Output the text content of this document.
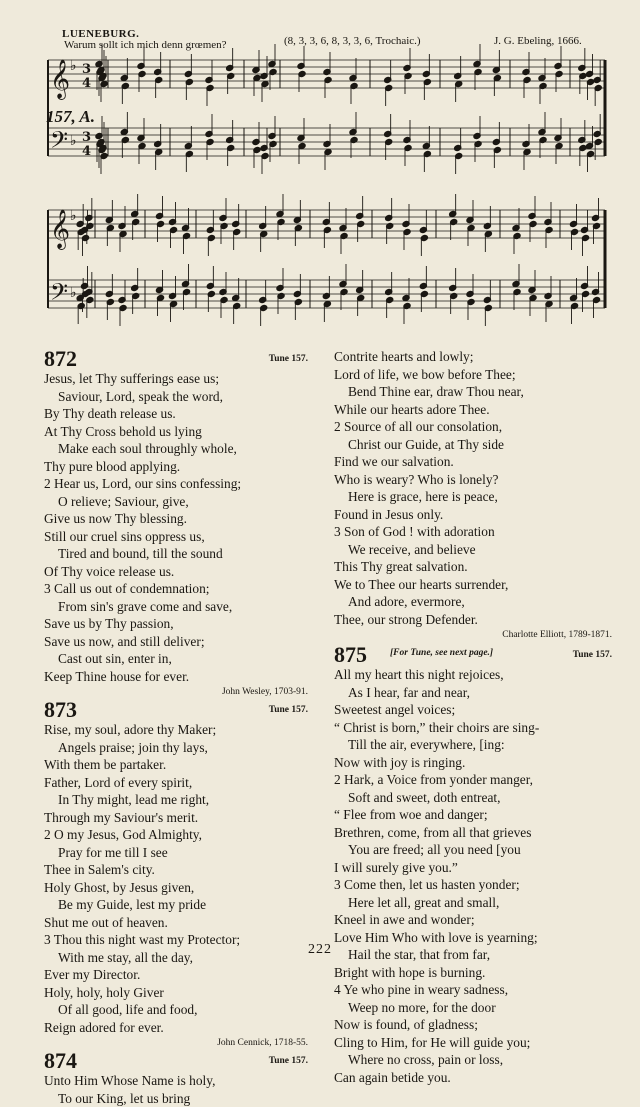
LUENEBURG.
Warum sollt ich mich denn grœmen?	(8, 3, 3, 6, 8, 3, 3, 6, Trochaic.)	J. G. Ebeling, 1666.
𝄞 3
4
♭
𝄢 3
4
♭
𝄞 ♭
𝄢 ♭
157, A.
872	Tune 157.
Jesus, let Thy sufferings ease us;
Saviour, Lord, speak the word,
By Thy death release us.
At Thy Cross behold us lying
Make each soul throughly whole,
Thy pure blood applying.
2 Hear us, Lord, our sins confessing;
O relieve; Saviour, give,
Give us now Thy blessing.
Still our cruel sins oppress us,
Tired and bound, till the sound
Of Thy voice release us.
3 Call us out of condemnation;
From sin's grave come and save,
Save us by Thy passion,
Save us now, and still deliver;
Cast out sin, enter in,
Keep Thine house for ever.
John Wesley, 1703-91.
873	Tune 157.
Rise, my soul, adore thy Maker;
Angels praise; join thy lays,
With them be partaker.
Father, Lord of every spirit,
In Thy might, lead me right,
Through my Saviour's merit.
2 O my Jesus, God Almighty,
Pray for me till I see
Thee in Salem's city.
Holy Ghost, by Jesus given,
Be my Guide, lest my pride
Shut me out of heaven.
3 Thou this night wast my Protector;
With me stay, all the day,
Ever my Director.
Holy, holy, holy Giver
Of all good, life and food,
Reign adored for ever.
John Cennick, 1718-55.
874	Tune 157.
Unto Him Whose Name is holy,
To our King, let us bring
Contrite hearts and lowly;
Lord of life, we bow before Thee;
Bend Thine ear, draw Thou near,
While our hearts adore Thee.
2 Source of all our consolation,
Christ our Guide, at Thy side
Find we our salvation.
Who is weary? Who is lonely?
Here is grace, here is peace,
Found in Jesus only.
3 Son of God ! with adoration
We receive, and believe
This Thy great salvation.
We to Thee our hearts surrender,
And adore, evermore,
Thee, our strong Defender.
Charlotte Elliott, 1789-1871.
875	Tune 157.
[For Tune, see next page.]
All my heart this night rejoices,
As I hear, far and near,
Sweetest angel voices;
“ Christ is born,” their choirs are sing-
Till the air, everywhere, [ing:
Now with joy is ringing.
2 Hark, a Voice from yonder manger,
Soft and sweet, doth entreat,
“ Flee from woe and danger;
Brethren, come, from all that grieves
You are freed; all you need [you
I will surely give you.”
3 Come then, let us hasten yonder;
Here let all, great and small,
Kneel in awe and wonder;
Love Him Who with love is yearning;
Hail the star, that from far,
Bright with hope is burning.
4 Ye who pine in weary sadness,
Weep no more, for the door
Now is found, of gladness;
Cling to Him, for He will guide you;
Where no cross, pain or loss,
Can again betide you.
222
